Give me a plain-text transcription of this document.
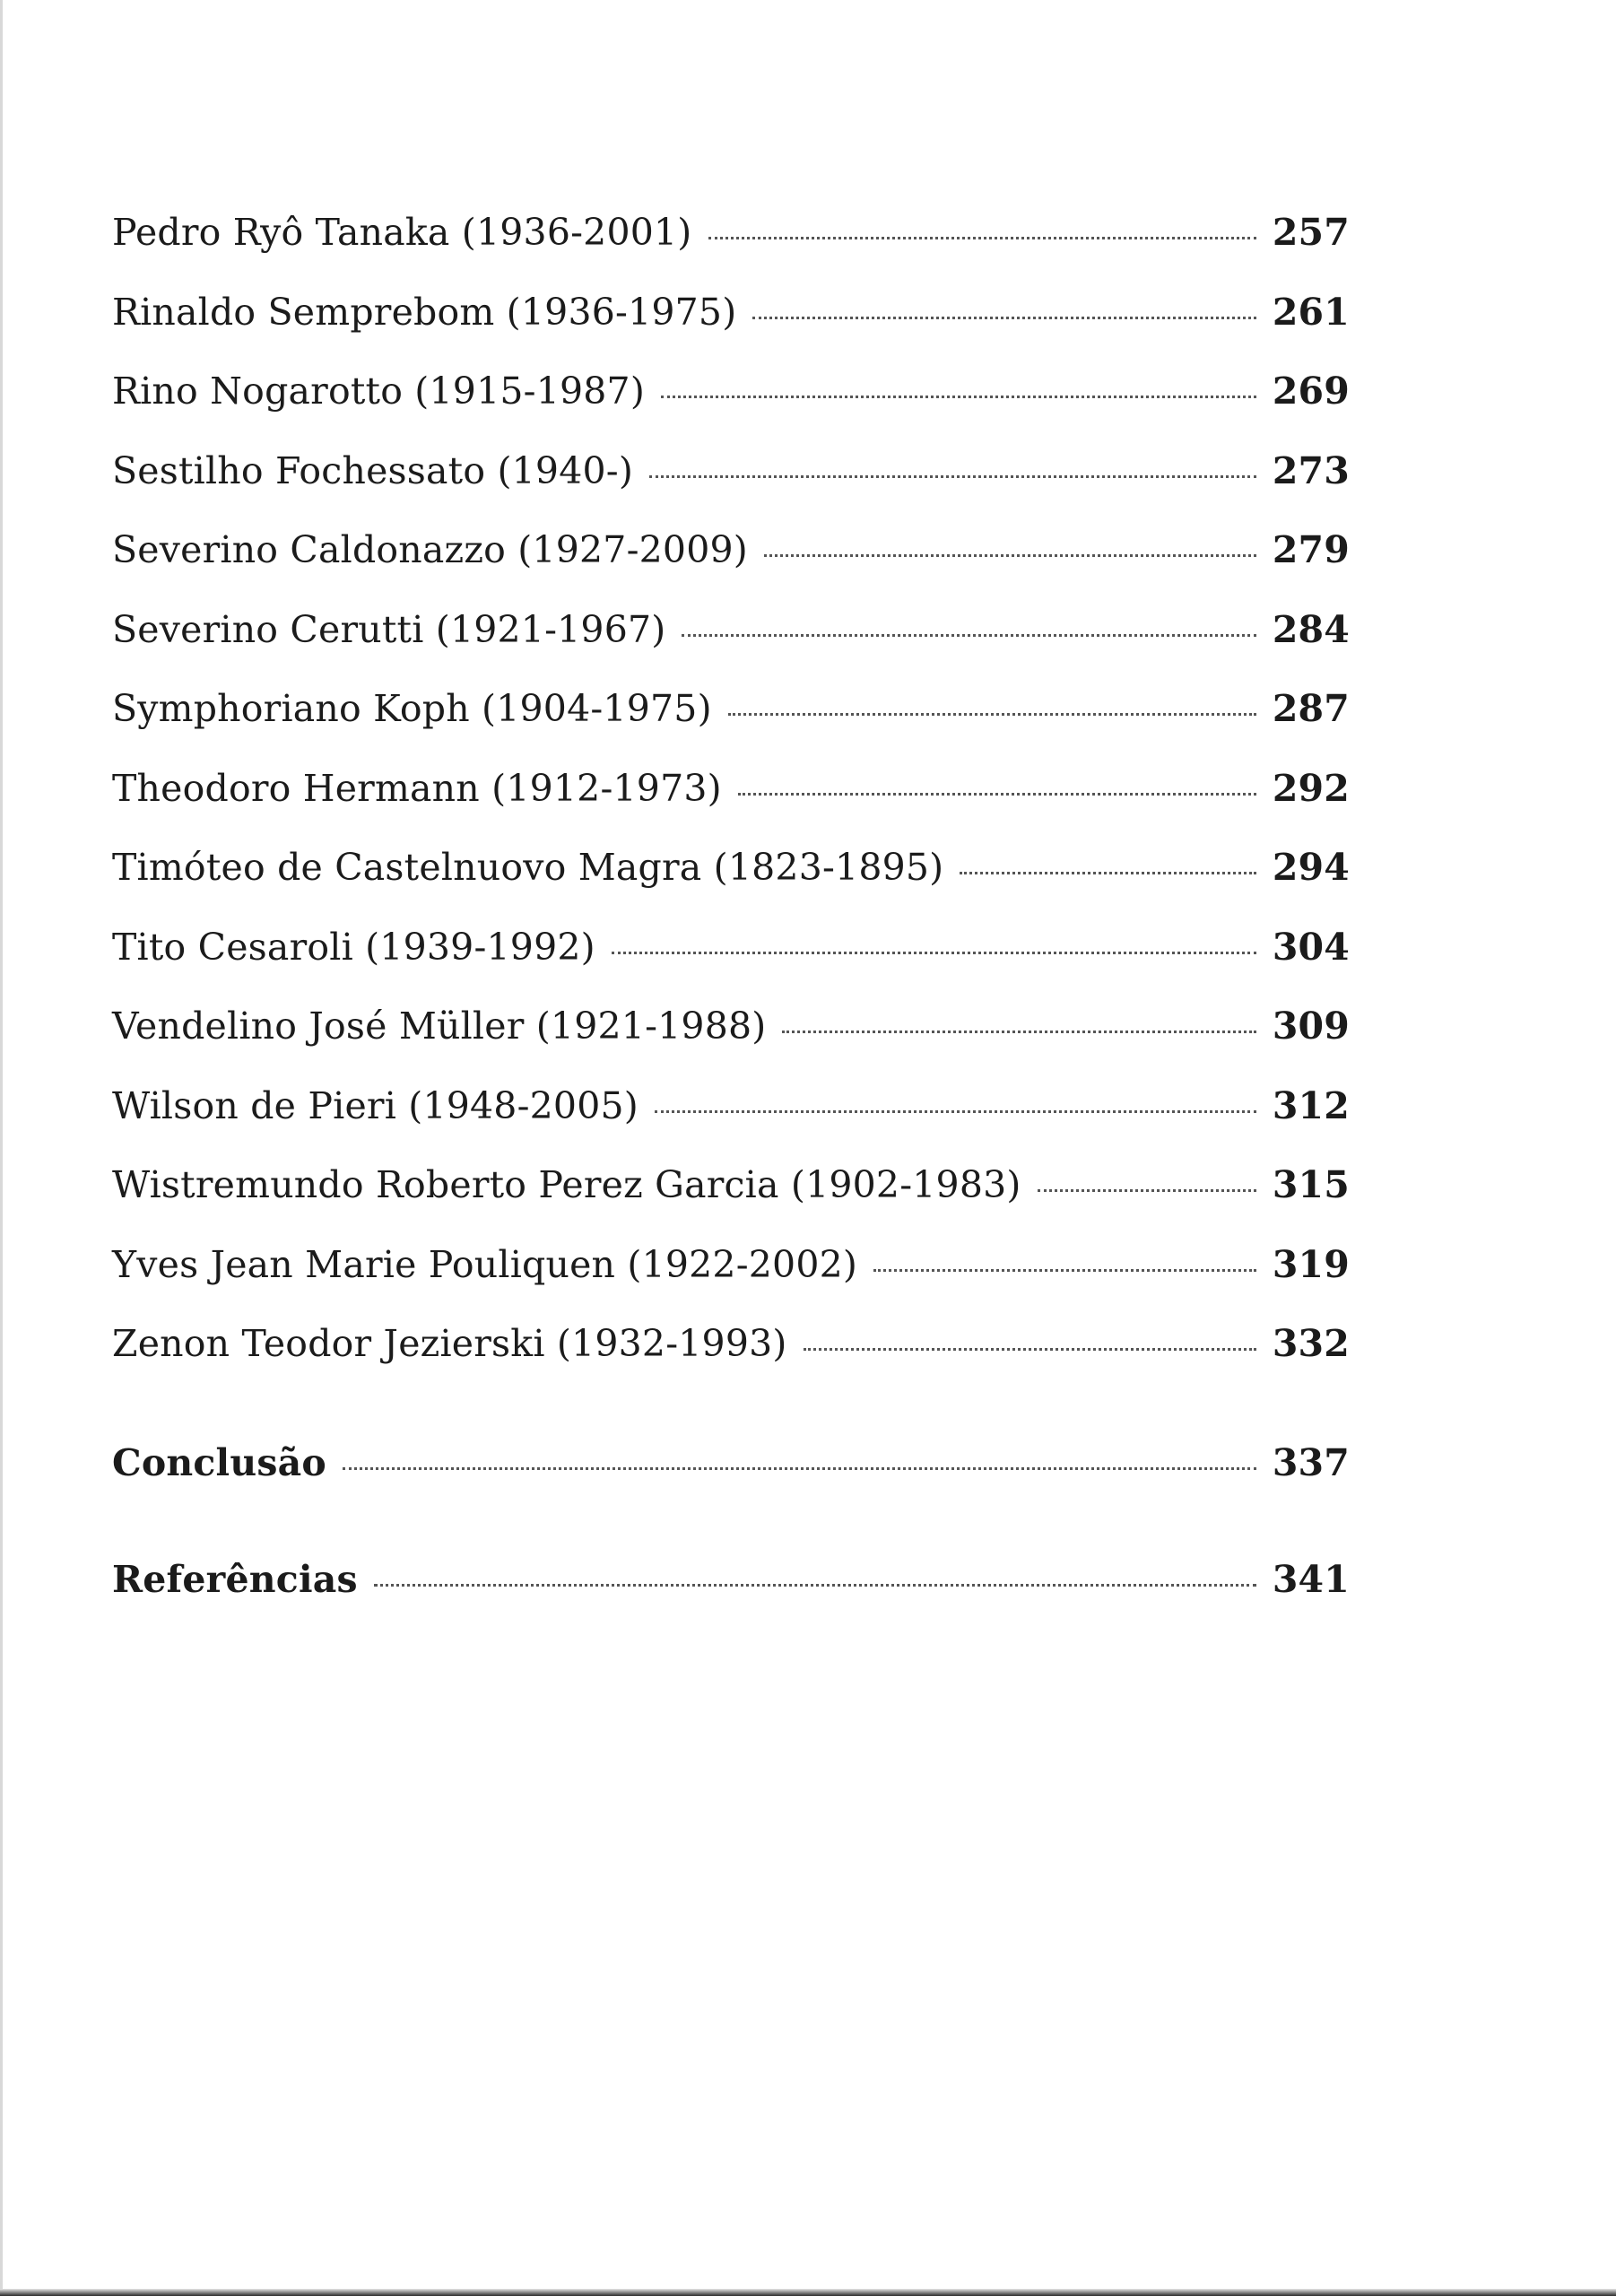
Pedro Ryô Tanaka (1936-2001)	257
Rinaldo Semprebom (1936-1975)	261
Rino Nogarotto (1915-1987)	269
Sestilho Fochessato (1940-)	273
Severino Caldonazzo (1927-2009)	279
Severino Cerutti (1921-1967)	284
Symphoriano Koph (1904-1975)	287
Theodoro Hermann (1912-1973)	292
Timóteo de Castelnuovo Magra (1823-1895)	294
Tito Cesaroli (1939-1992)	304
Vendelino José Müller (1921-1988)	309
Wilson de Pieri (1948-2005)	312
Wistremundo Roberto Perez Garcia (1902-1983)	315
Yves Jean Marie Pouliquen (1922-2002)	319
Zenon Teodor Jezierski (1932-1993)	332
Conclusão	337
Referências	341
